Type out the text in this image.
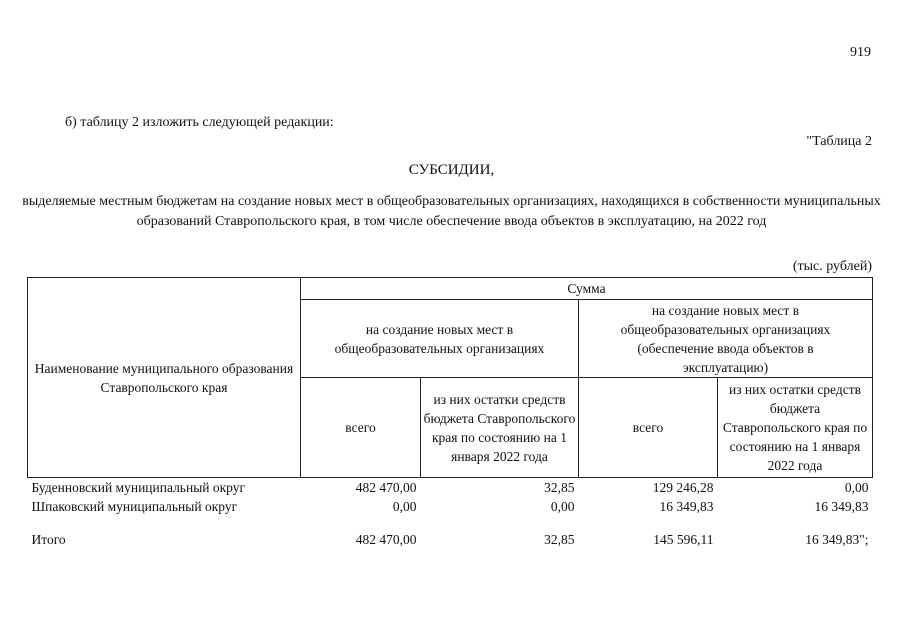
919
б) таблицу 2 изложить следующей редакции:
"Таблица 2
СУБСИДИИ,
выделяемые местным бюджетам на создание новых мест в общеобразовательных организациях, находящихся в собственности муниципальных образований Ставропольского края, в том числе обеспечение ввода объектов в эксплуатацию, на 2022 год
(тыс. рублей)
Наименование муниципального образования Ставропольского края	Сумма			
	на создание новых мест в общеобразовательных организациях		на создание новых мест в общеобразовательных организациях (обеспечение ввода объектов в эксплуатацию)	
	всего	из них остатки средств бюджета Ставропольского края по состоянию на 1 января 2022 года	всего	из них остатки средств бюджета Ставропольского края по состоянию на 1 января 2022 года
Буденновский муниципальный округ	482 470,00	32,85	129 246,28	0,00
Шпаковский муниципальный округ	0,00	0,00	16 349,83	16 349,83

Итого	482 470,00	32,85	145 596,11	16 349,83";
